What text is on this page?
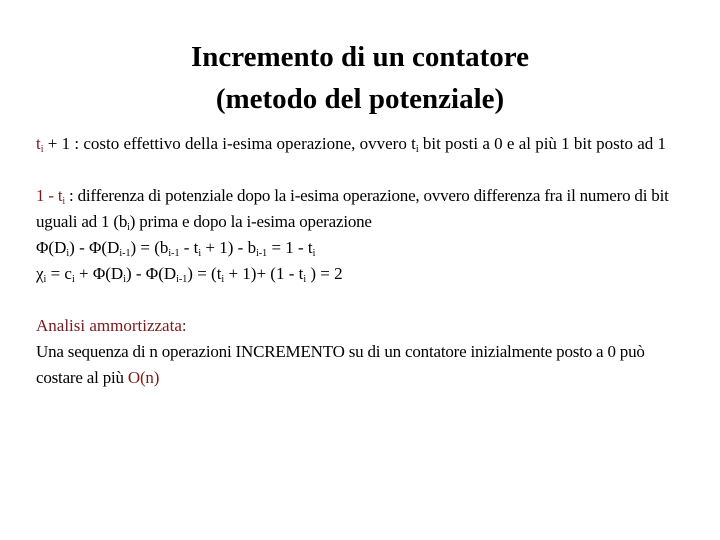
Incremento di un contatore
(metodo del potenziale)

$t_i + 1$ : costo effettivo della i-esima operazione, ovvero $t_i$ bit posti a 0 e al più 1 bit posto ad 1

$1 - t_i$ : differenza di potenziale dopo la i-esima operazione, ovvero differenza fra il numero di bit uguali ad 1 $(b_i)$ prima e dopo la i-esima operazione

$\Phi(D_i) - \Phi(D_{i-1}) = (b_{i-1} - t_i + 1) - b_{i-1} = 1 - t_i$

$\chi_i = c_i + \Phi(D_i) - \Phi(D_{i-1}) = (t_i + 1)+ (1 - t_i$ ) = 2

Analisi ammortizzata:

Una sequenza di n operazioni INCREMENTO su di un contatore inizialmente posto a 0 può costare al più O(n)
